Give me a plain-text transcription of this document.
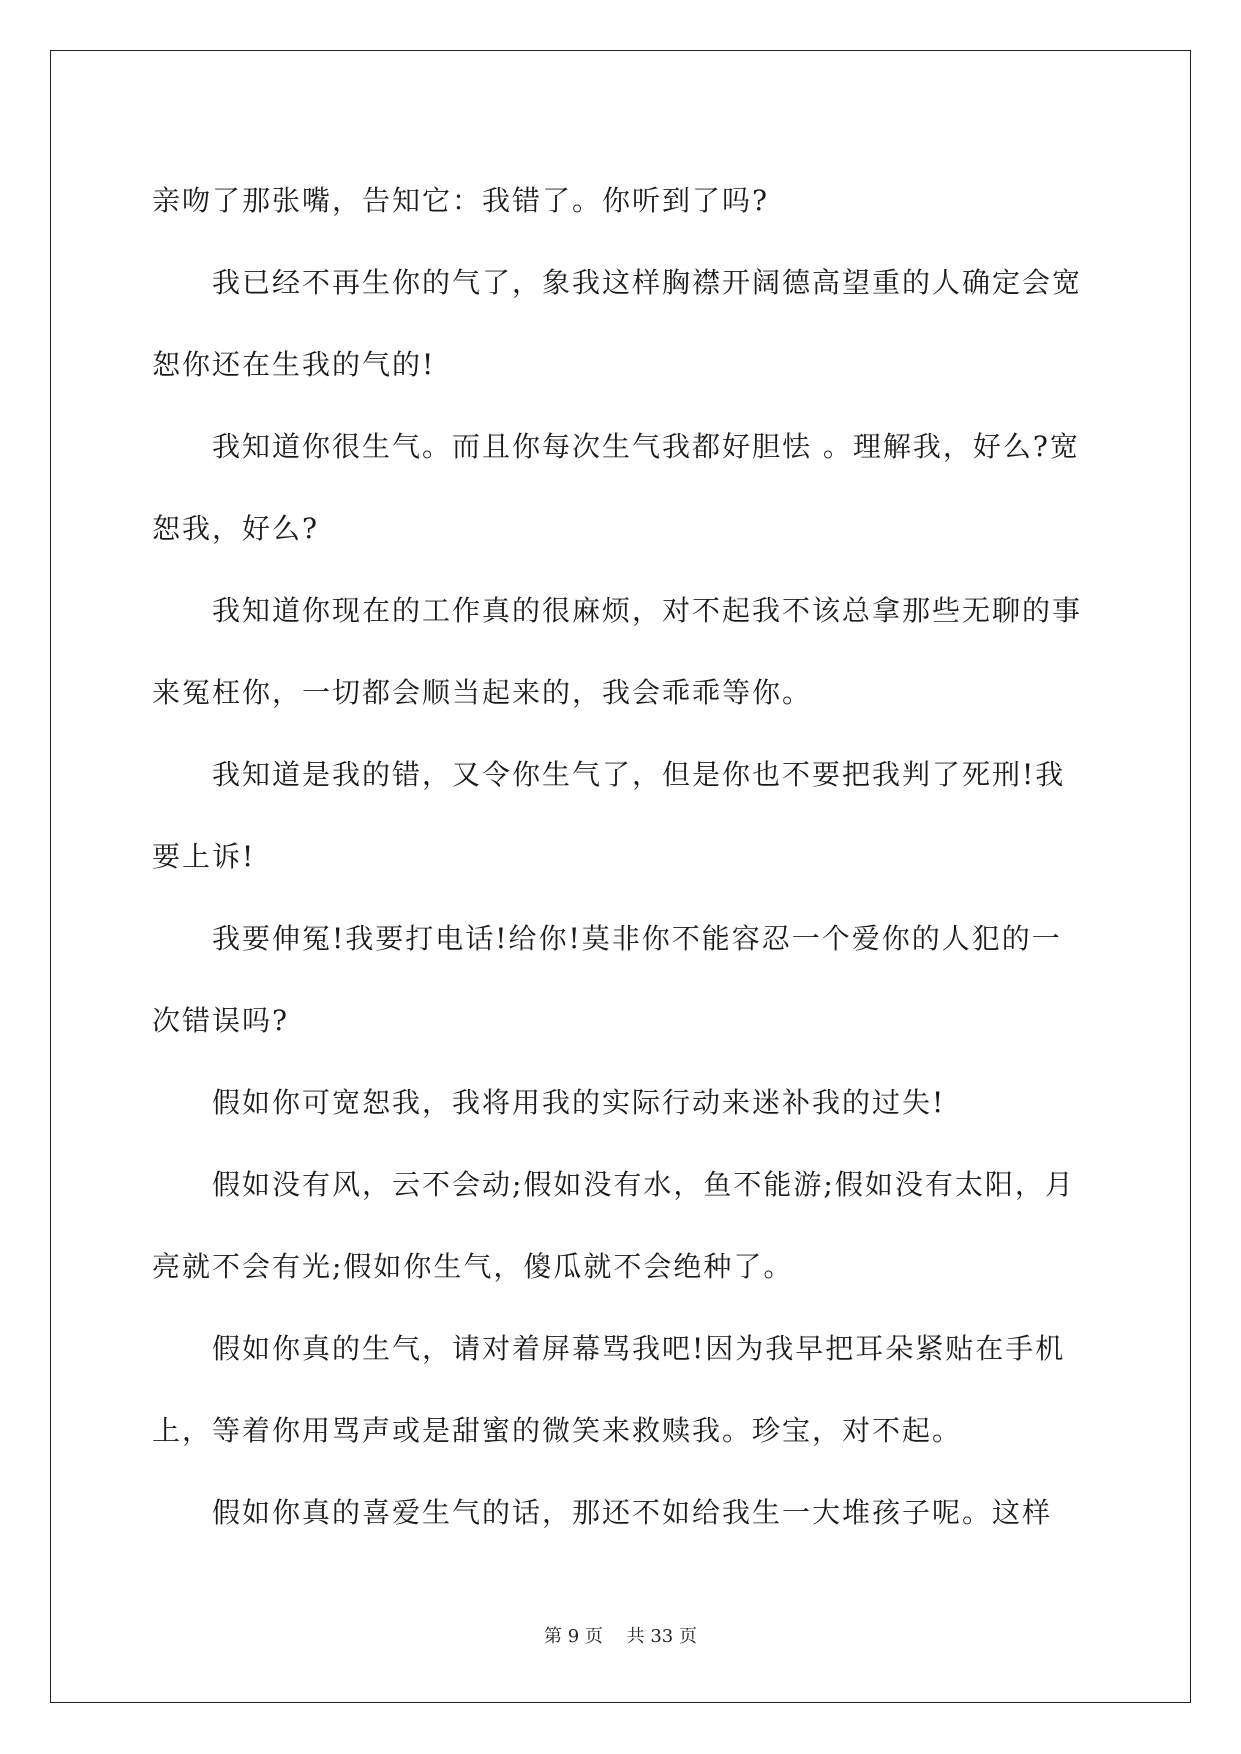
亲吻了那张嘴，告知它：我错了。你听到了吗?

我已经不再生你的气了，象我这样胸襟开阔德高望重的人确定会宽恕你还在生我的气的!

我知道你很生气。而且你每次生气我都好胆怯 。理解我，好么?宽恕我，好么?

我知道你现在的工作真的很麻烦，对不起我不该总拿那些无聊的事来冤枉你，一切都会顺当起来的，我会乖乖等你。

我知道是我的错，又令你生气了，但是你也不要把我判了死刑!我要上诉!

我要伸冤!我要打电话!给你!莫非你不能容忍一个爱你的人犯的一次错误吗?

假如你可宽恕我，我将用我的实际行动来迷补我的过失!

假如没有风，云不会动;假如没有水，鱼不能游;假如没有太阳，月亮就不会有光;假如你生气，傻瓜就不会绝种了。

假如你真的生气，请对着屏幕骂我吧!因为我早把耳朵紧贴在手机上，等着你用骂声或是甜蜜的微笑来救赎我。珍宝，对不起。

假如你真的喜爱生气的话，那还不如给我生一大堆孩子呢。这样

第 9 页　 共 33 页
